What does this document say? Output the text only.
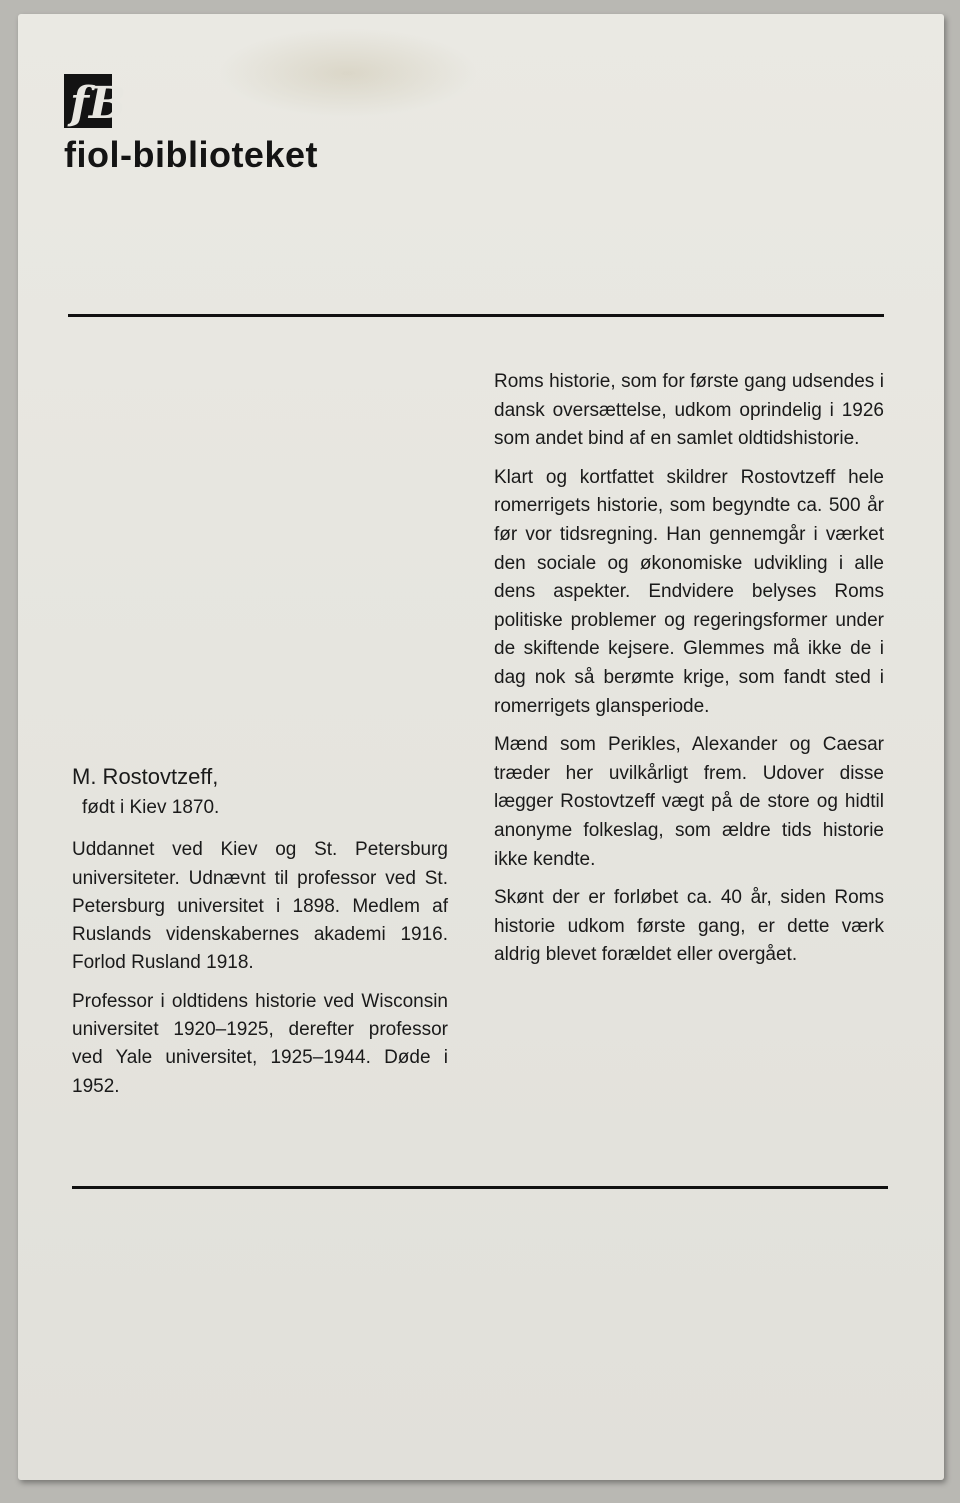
fB
fiol-biblioteket

Roms historie, som for første gang udsendes i dansk oversættelse, udkom oprindelig i 1926 som andet bind af en samlet oldtidshistorie.

Klart og kortfattet skildrer Rostovtzeff hele romerrigets historie, som begyndte ca. 500 år før vor tidsregning. Han gennemgår i værket den sociale og økonomiske udvikling i alle dens aspekter. Endvidere belyses Roms politiske problemer og regeringsformer under de skiftende kejsere. Glemmes må ikke de i dag nok så berømte krige, som fandt sted i romerrigets glansperiode.

Mænd som Perikles, Alexander og Caesar træder her uvilkårligt frem. Udover disse lægger Rostovtzeff vægt på de store og hidtil anonyme folkeslag, som ældre tids historie ikke kendte.

Skønt der er forløbet ca. 40 år, siden Roms historie udkom første gang, er dette værk aldrig blevet forældet eller overgået.

M. Rostovtzeff,

født i Kiev 1870.

Uddannet ved Kiev og St. Petersburg universiteter. Udnævnt til professor ved St. Petersburg universitet i 1898. Medlem af Ruslands videnskabernes akademi 1916. Forlod Rusland 1918.

Professor i oldtidens historie ved Wisconsin universitet 1920–1925, derefter professor ved Yale universitet, 1925–1944. Døde i 1952.
